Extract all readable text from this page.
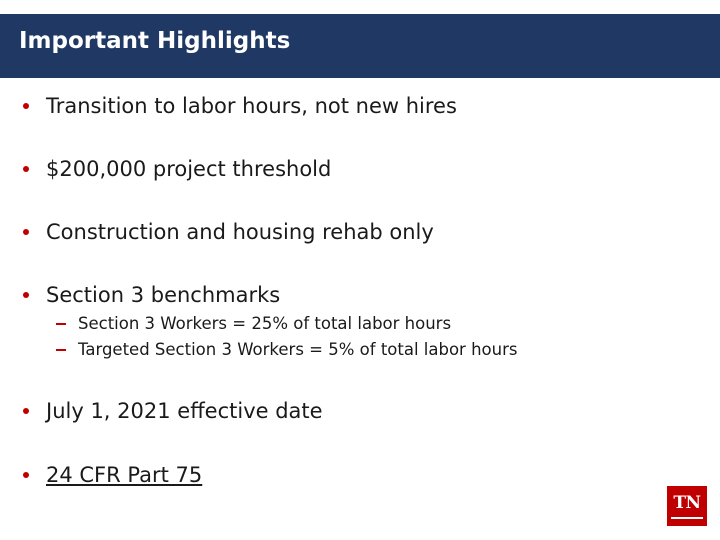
Important Highlights
Transition to labor hours, not new hires
$200,000 project threshold
Construction and housing rehab only
Section 3 benchmarks
Section 3 Workers = 25% of total labor hours
Targeted Section 3 Workers = 5% of total labor hours
July 1, 2021 effective date
24 CFR Part 75
TN
